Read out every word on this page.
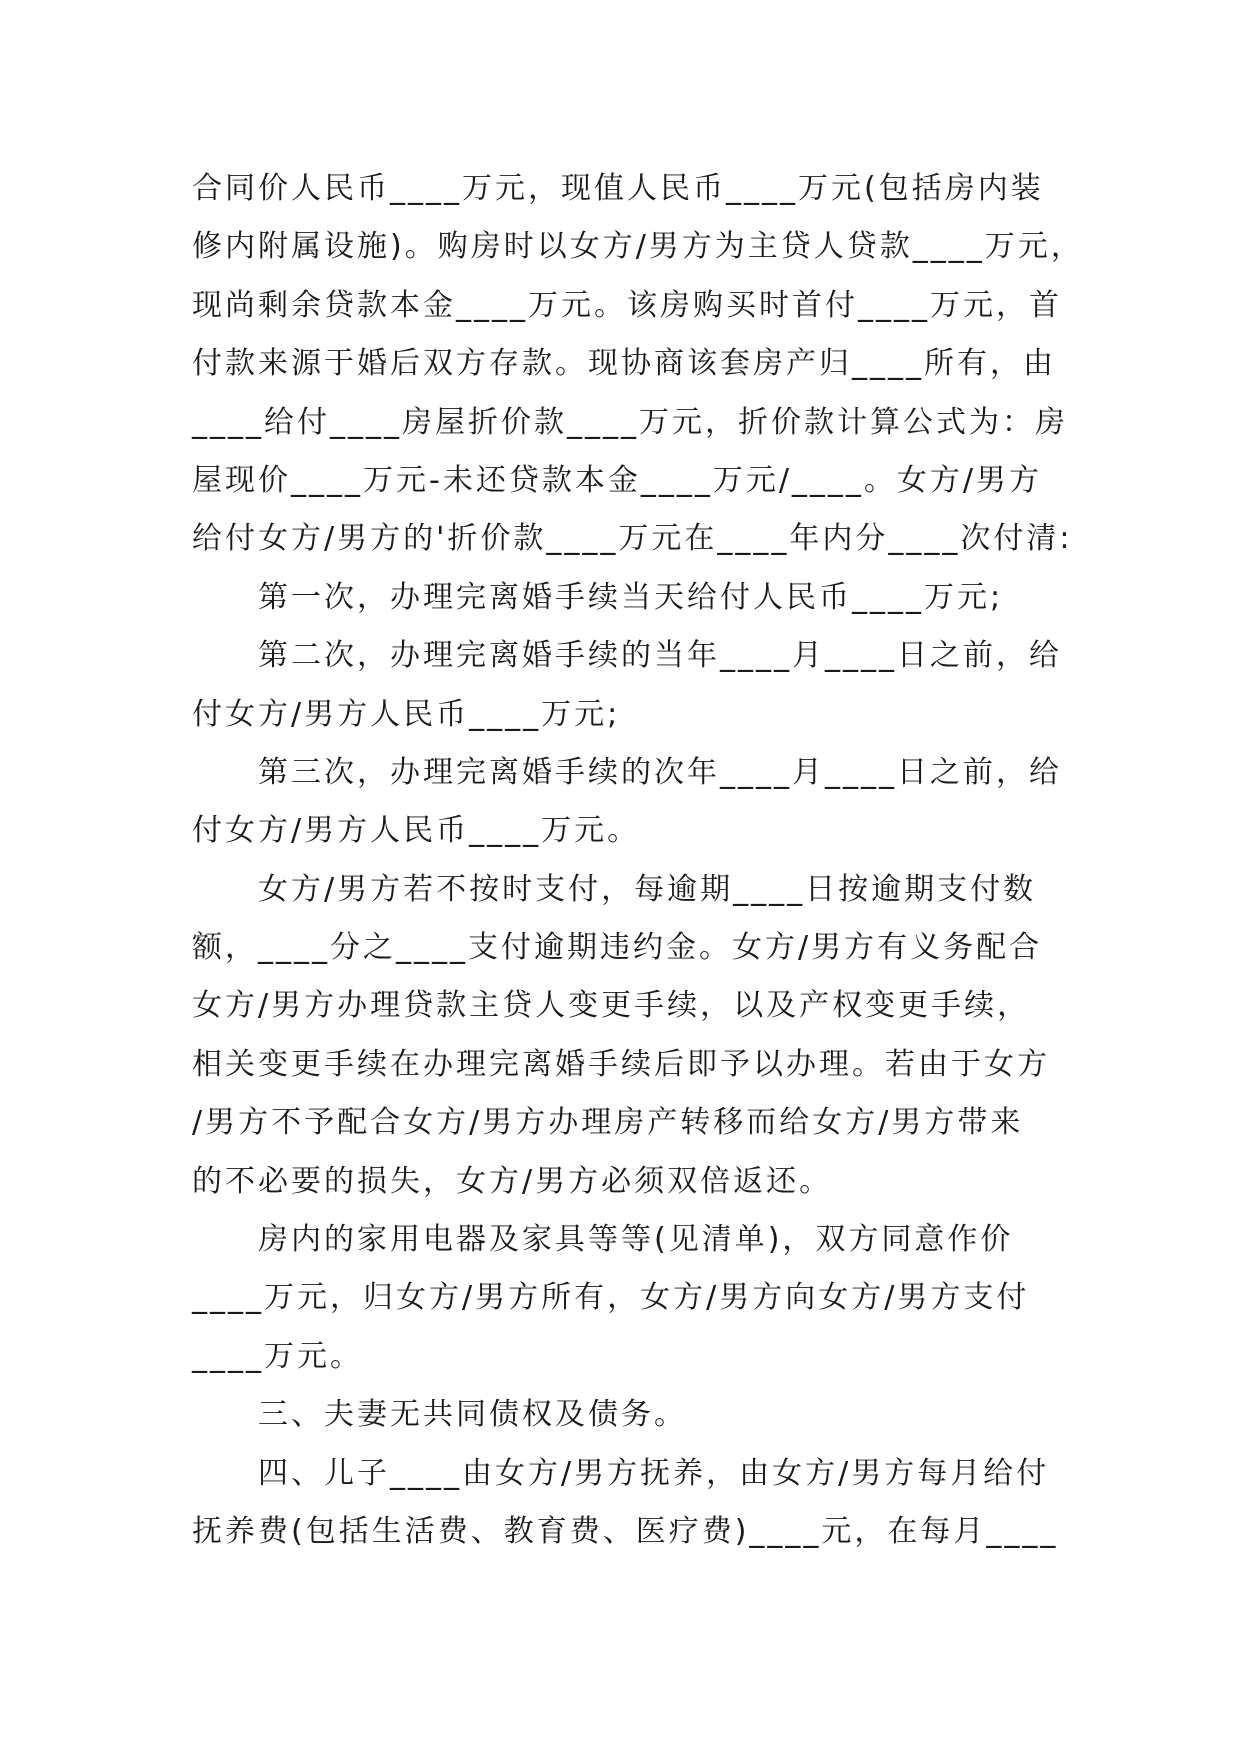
合同价人民币____万元，现值人民币____万元(包括房内装
修内附属设施)。购房时以女方/男方为主贷人贷款____万元，
现尚剩余贷款本金____万元。该房购买时首付____万元，首
付款来源于婚后双方存款。现协商该套房产归____所有，由
____给付____房屋折价款____万元，折价款计算公式为：房
屋现价____万元-未还贷款本金____万元/____。女方/男方
给付女方/男方的'折价款____万元在____年内分____次付清:
　　第一次，办理完离婚手续当天给付人民币____万元;
　　第二次，办理完离婚手续的当年____月____日之前，给
付女方/男方人民币____万元;
　　第三次，办理完离婚手续的次年____月____日之前，给
付女方/男方人民币____万元。
　　女方/男方若不按时支付，每逾期____日按逾期支付数
额，____分之____支付逾期违约金。女方/男方有义务配合
女方/男方办理贷款主贷人变更手续，以及产权变更手续，
相关变更手续在办理完离婚手续后即予以办理。若由于女方
/男方不予配合女方/男方办理房产转移而给女方/男方带来
的不必要的损失，女方/男方必须双倍返还。
　　房内的家用电器及家具等等(见清单)，双方同意作价
____万元，归女方/男方所有，女方/男方向女方/男方支付
____万元。
　　三、夫妻无共同债权及债务。
　　四、儿子____由女方/男方抚养，由女方/男方每月给付
抚养费(包括生活费、教育费、医疗费)____元，在每月____
